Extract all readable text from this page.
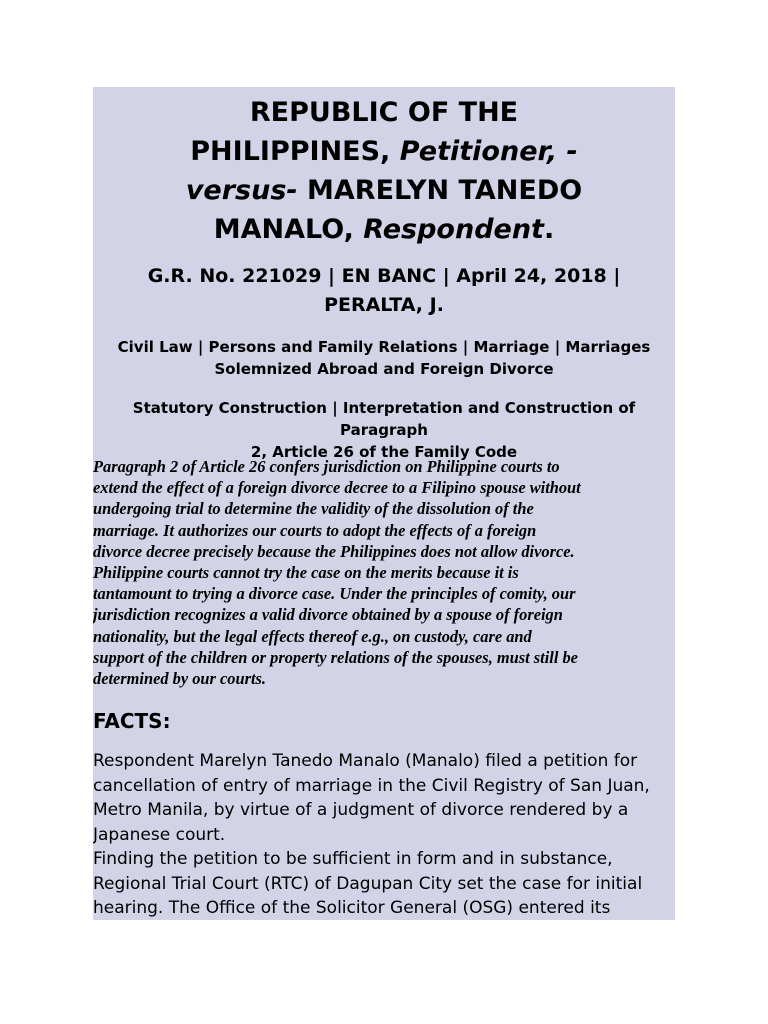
REPUBLIC OF THE
PHILIPPINES, Petitioner, -
versus- MARELYN TANEDO
MANALO, Respondent.
G.R. No. 221029 | EN BANC | April 24, 2018 |
PERALTA, J.
Civil Law | Persons and Family Relations | Marriage | Marriages
Solemnized Abroad and Foreign Divorce
Statutory Construction | Interpretation and Construction of Paragraph
2, Article 26 of the Family Code
Paragraph 2 of Article 26 confers jurisdiction on Philippine courts to
extend the effect of a foreign divorce decree to a Filipino spouse without
undergoing trial to determine the validity of the dissolution of the
marriage. It authorizes our courts to adopt the effects of a foreign
divorce decree precisely because the Philippines does not allow divorce.
Philippine courts cannot try the case on the merits because it is
tantamount to trying a divorce case. Under the principles of comity, our
jurisdiction recognizes a valid divorce obtained by a spouse of foreign
nationality, but the legal effects thereof e.g., on custody, care and
support of the children or property relations of the spouses, must still be
determined by our courts.
FACTS:
Respondent Marelyn Tanedo Manalo (Manalo) filed a petition for
cancellation of entry of marriage in the Civil Registry of San Juan,
Metro Manila, by virtue of a judgment of divorce rendered by a
Japanese court.
Finding the petition to be sufficient in form and in substance,
Regional Trial Court (RTC) of Dagupan City set the case for initial
hearing. The Office of the Solicitor General (OSG) entered its
